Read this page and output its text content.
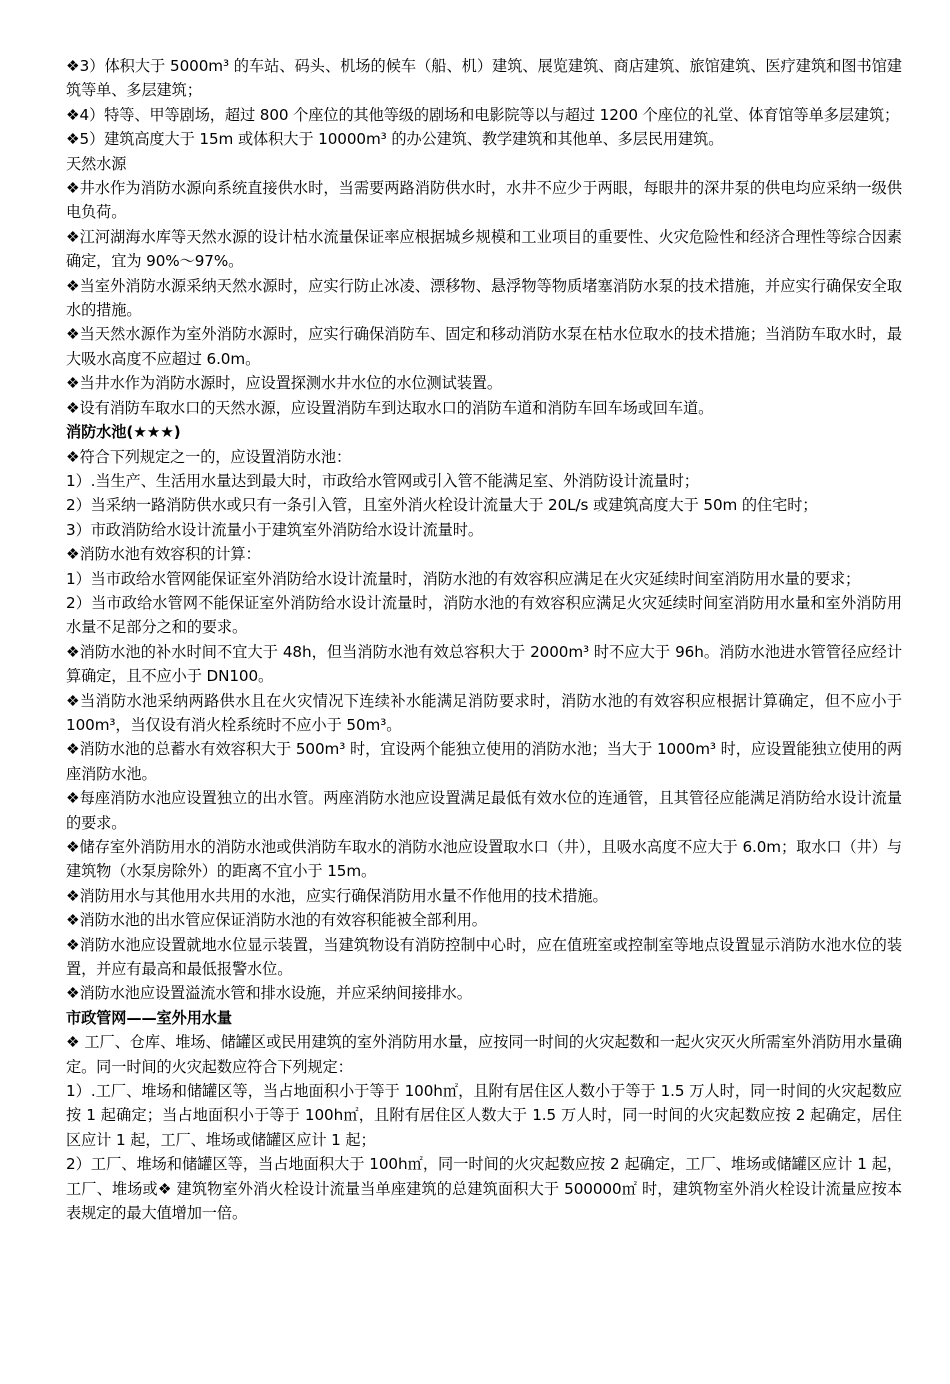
❖3）体积大于 5000m³ 的车站、码头、机场的候车（船、机）建筑、展览建筑、商店建筑、旅馆建筑、医疗建筑和图书馆建筑等单、多层建筑；

❖4）特等、甲等剧场，超过 800 个座位的其他等级的剧场和电影院等以与超过 1200 个座位的礼堂、体育馆等单多层建筑；

❖5）建筑高度大于 15m 或体积大于 10000m³ 的办公建筑、教学建筑和其他单、多层民用建筑。

天然水源

❖井水作为消防水源向系统直接供水时，当需要两路消防供水时，水井不应少于两眼，每眼井的深井泵的供电均应采纳一级供电负荷。

❖江河湖海水库等天然水源的设计枯水流量保证率应根据城乡规模和工业项目的重要性、火灾危险性和经济合理性等综合因素确定，宜为 90%～97%。

❖当室外消防水源采纳天然水源时，应实行防止冰凌、漂移物、悬浮物等物质堵塞消防水泵的技术措施，并应实行确保安全取水的措施。

❖当天然水源作为室外消防水源时，应实行确保消防车、固定和移动消防水泵在枯水位取水的技术措施；当消防车取水时，最大吸水高度不应超过 6.0m。

❖当井水作为消防水源时，应设置探测水井水位的水位测试装置。

❖设有消防车取水口的天然水源，应设置消防车到达取水口的消防车道和消防车回车场或回车道。

消防水池(★★★)

❖符合下列规定之一的，应设置消防水池：

1）.当生产、生活用水量达到最大时，市政给水管网或引入管不能满足室、外消防设计流量时；

2）当采纳一路消防供水或只有一条引入管，且室外消火栓设计流量大于 20L/s 或建筑高度大于 50m 的住宅时；

3）市政消防给水设计流量小于建筑室外消防给水设计流量时。

❖消防水池有效容积的计算：

1）当市政给水管网能保证室外消防给水设计流量时，消防水池的有效容积应满足在火灾延续时间室消防用水量的要求；

2）当市政给水管网不能保证室外消防给水设计流量时，消防水池的有效容积应满足火灾延续时间室消防用水量和室外消防用水量不足部分之和的要求。

❖消防水池的补水时间不宜大于 48h，但当消防水池有效总容积大于 2000m³ 时不应大于 96h。消防水池进水管管径应经计算确定，且不应小于 DN100。

❖当消防水池采纳两路供水且在火灾情况下连续补水能满足消防要求时，消防水池的有效容积应根据计算确定，但不应小于 100m³，当仅设有消火栓系统时不应小于 50m³。

❖消防水池的总蓄水有效容积大于 500m³ 时，宜设两个能独立使用的消防水池；当大于 1000m³ 时，应设置能独立使用的两座消防水池。

❖每座消防水池应设置独立的出水管。两座消防水池应设置满足最低有效水位的连通管，且其管径应能满足消防给水设计流量的要求。

❖储存室外消防用水的消防水池或供消防车取水的消防水池应设置取水口（井），且吸水高度不应大于 6.0m；取水口（井）与建筑物（水泵房除外）的距离不宜小于 15m。

❖消防用水与其他用水共用的水池，应实行确保消防用水量不作他用的技术措施。

❖消防水池的出水管应保证消防水池的有效容积能被全部利用。

❖消防水池应设置就地水位显示装置，当建筑物设有消防控制中心时，应在值班室或控制室等地点设置显示消防水池水位的装置，并应有最高和最低报警水位。

❖消防水池应设置溢流水管和排水设施，并应采纳间接排水。

市政管网——室外用水量

❖ 工厂、仓库、堆场、储罐区或民用建筑的室外消防用水量，应按同一时间的火灾起数和一起火灾灭火所需室外消防用水量确定。同一时间的火灾起数应符合下列规定：

1）.工厂、堆场和储罐区等，当占地面积小于等于 100h㎡，且附有居住区人数小于等于 1.5 万人时，同一时间的火灾起数应按 1 起确定；当占地面积小于等于 100h㎡，且附有居住区人数大于 1.5 万人时，同一时间的火灾起数应按 2 起确定，居住区应计 1 起，工厂、堆场或储罐区应计 1 起；

2）工厂、堆场和储罐区等，当占地面积大于 100h㎡，同一时间的火灾起数应按 2 起确定，工厂、堆场或储罐区应计 1 起，工厂、堆场或❖ 建筑物室外消火栓设计流量当单座建筑的总建筑面积大于 500000㎡ 时，建筑物室外消火栓设计流量应按本表规定的最大值增加一倍。
